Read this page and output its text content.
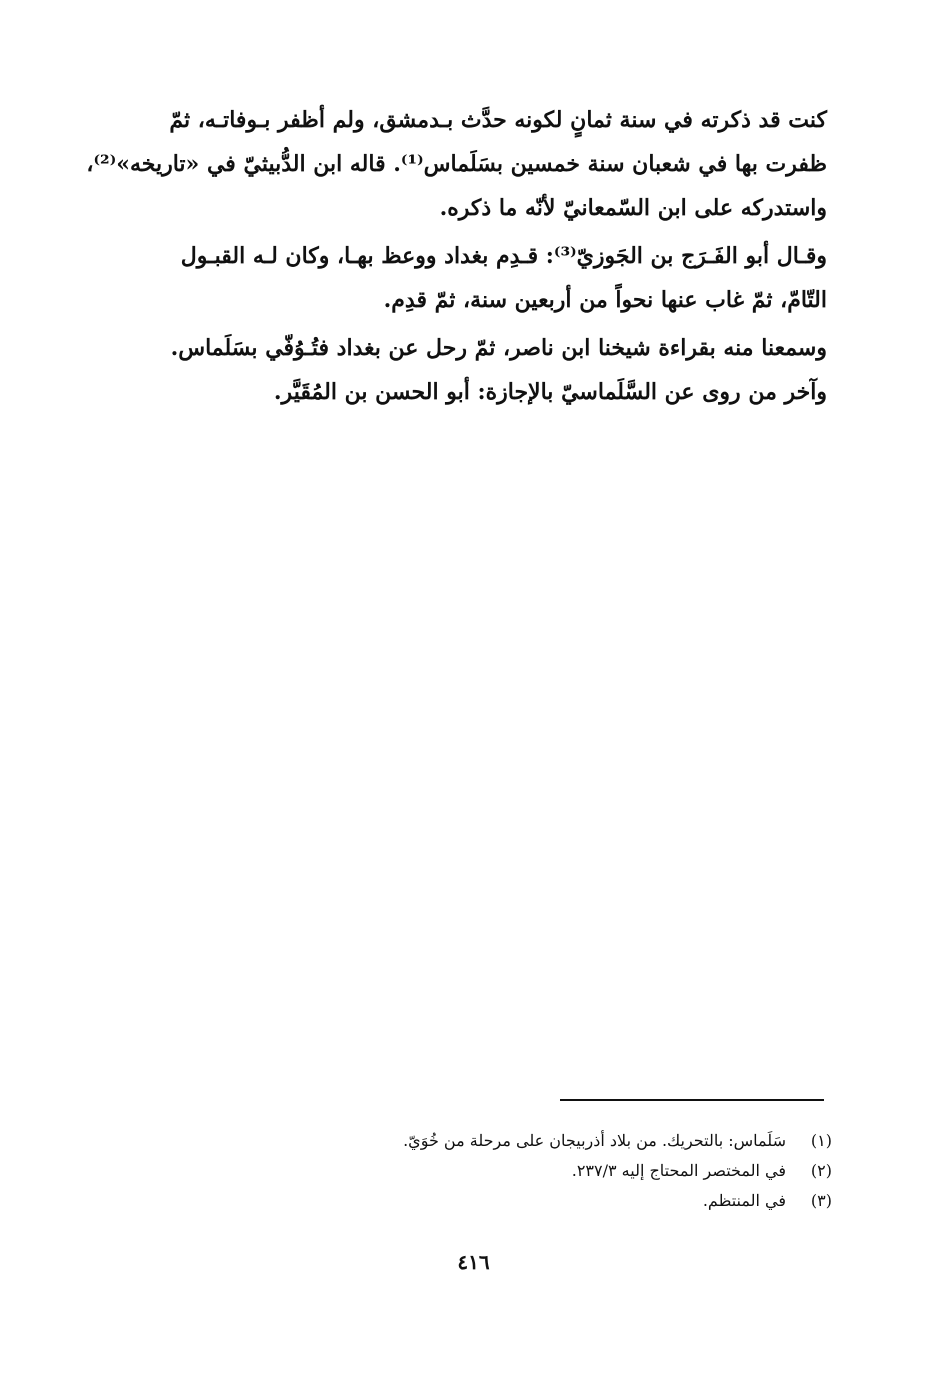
كنت قد ذكرته في سنة ثمانٍ لكونه حدَّث بـدمشق، ولم أظفر بـوفاتـه، ثمّ
ظفرت بها في شعبان سنة خمسين بسَلَماس⁽¹⁾. قاله ابن الدُّبيثيّ في «تاريخه»⁽²⁾،
واستدركه على ابن السّمعانيّ لأنّه ما ذكره.

وقـال أبو الفَـرَج بن الجَوزيّ⁽³⁾: قـدِم بغداد ووعظ بهـا، وكان لـه القبـول
التّامّ، ثمّ غاب عنها نحواً من أربعين سنة، ثمّ قدِم.

وسمعنا منه بقراءة شيخنا ابن ناصر، ثمّ رحل عن بغداد فتُـوُفّي بسَلَماس.
وآخر من روى عن السَّلَماسيّ بالإجازة: أبو الحسن بن المُقَيَّر.

(١)
سَلَماس: بالتحريك. من بلاد أذربيجان على مرحلة من خُوَيّ.
(٢)
في المختصر المحتاج إليه ٢٣٧/٣.
(٣)
في المنتظم.
٤١٦
